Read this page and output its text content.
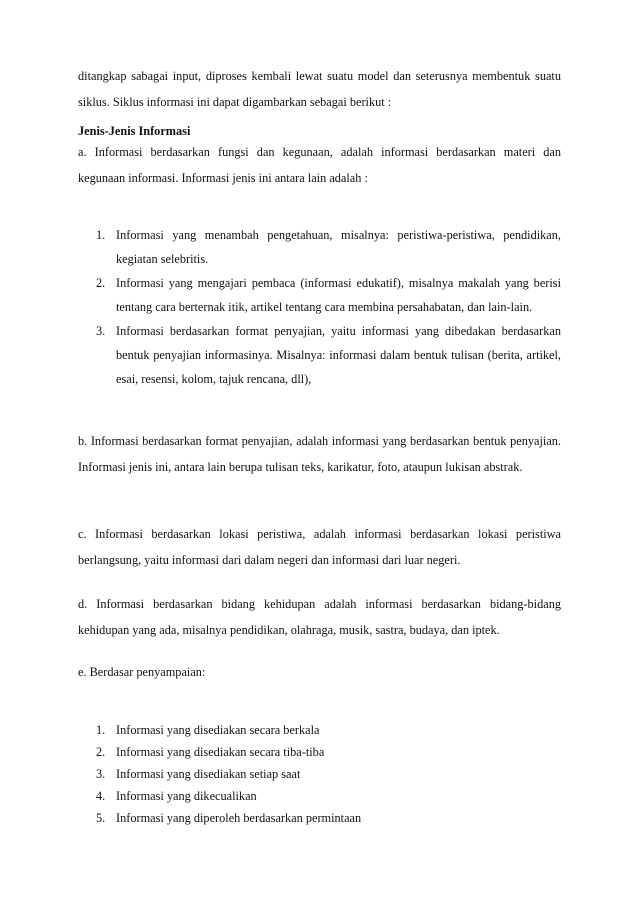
ditangkap sabagai input, diproses kembali lewat suatu model dan seterusnya membentuk suatu siklus. Siklus informasi ini dapat digambarkan sebagai berikut :

Jenis-Jenis Informasi

a. Informasi berdasarkan fungsi dan kegunaan, adalah informasi berdasarkan materi dan kegunaan informasi. Informasi jenis ini antara lain adalah :

1. Informasi yang menambah pengetahuan, misalnya: peristiwa-peristiwa, pendidikan, kegiatan selebritis.
2. Informasi yang mengajari pembaca (informasi edukatif), misalnya makalah yang berisi tentang cara berternak itik, artikel tentang cara membina persahabatan, dan lain-lain.
3. Informasi berdasarkan format penyajian, yaitu informasi yang dibedakan berdasarkan bentuk penyajian informasinya. Misalnya: informasi dalam bentuk tulisan (berita, artikel, esai, resensi, kolom, tajuk rencana, dll),

b. Informasi berdasarkan format penyajian, adalah informasi yang berdasarkan bentuk penyajian. Informasi jenis ini, antara lain berupa tulisan teks, karikatur, foto, ataupun lukisan abstrak.

c. Informasi berdasarkan lokasi peristiwa, adalah informasi berdasarkan lokasi peristiwa berlangsung, yaitu informasi dari dalam negeri dan informasi dari luar negeri.

d. Informasi berdasarkan bidang kehidupan adalah informasi berdasarkan bidang-bidang kehidupan yang ada, misalnya pendidikan, olahraga, musik, sastra, budaya, dan iptek.

e. Berdasar penyampaian:

1. Informasi yang disediakan secara berkala
2. Informasi yang disediakan secara tiba-tiba
3. Informasi yang disediakan setiap saat
4. Informasi yang dikecualikan
5. Informasi yang diperoleh berdasarkan permintaan
